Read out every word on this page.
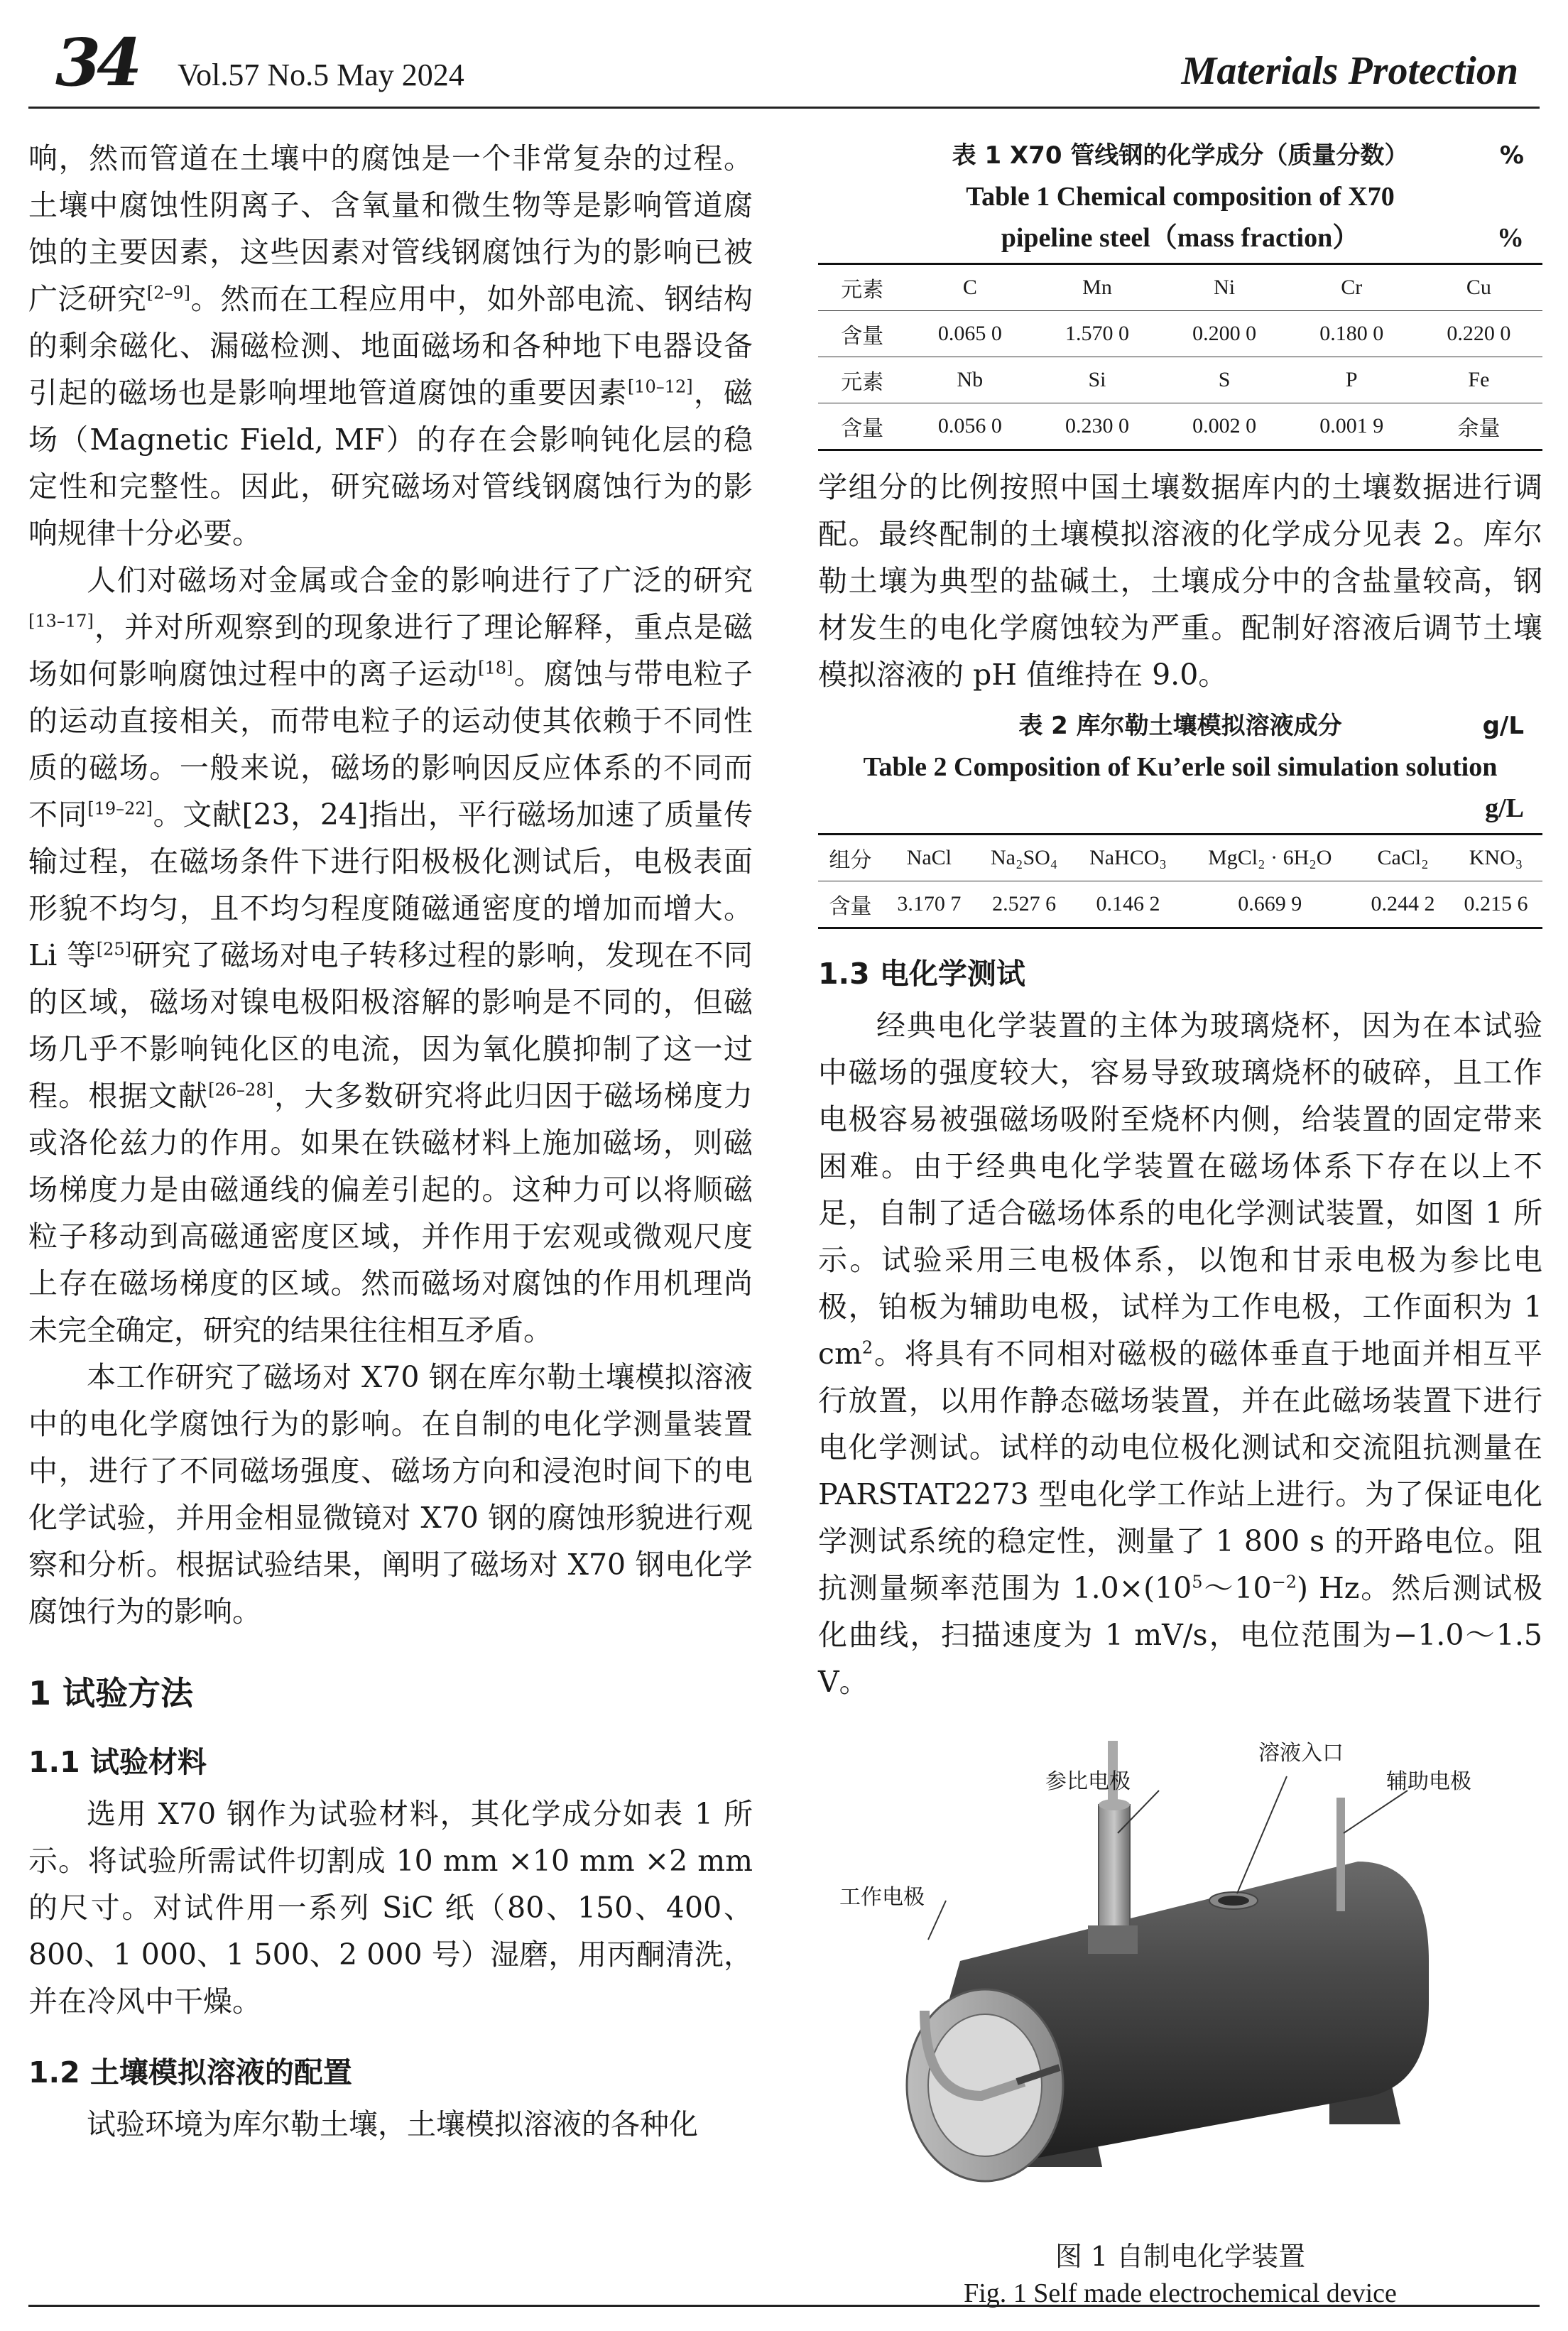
34 Vol.57 No.5 May 2024	Materials Protection

响，然而管道在土壤中的腐蚀是一个非常复杂的过程。土壤中腐蚀性阴离子、含氧量和微生物等是影响管道腐蚀的主要因素，这些因素对管线钢腐蚀行为的影响已被广泛研究[2–9]。然而在工程应用中，如外部电流、钢结构的剩余磁化、漏磁检测、地面磁场和各种地下电器设备引起的磁场也是影响埋地管道腐蚀的重要因素[10–12]，磁场（Magnetic Field, MF）的存在会影响钝化层的稳定性和完整性。因此，研究磁场对管线钢腐蚀行为的影响规律十分必要。

人们对磁场对金属或合金的影响进行了广泛的研究[13–17]，并对所观察到的现象进行了理论解释，重点是磁场如何影响腐蚀过程中的离子运动[18]。腐蚀与带电粒子的运动直接相关，而带电粒子的运动使其依赖于不同性质的磁场。一般来说，磁场的影响因反应体系的不同而不同[19–22]。文献[23，24]指出，平行磁场加速了质量传输过程，在磁场条件下进行阳极极化测试后，电极表面形貌不均匀，且不均匀程度随磁通密度的增加而增大。Li 等[25]研究了磁场对电子转移过程的影响，发现在不同的区域，磁场对镍电极阳极溶解的影响是不同的，但磁场几乎不影响钝化区的电流，因为氧化膜抑制了这一过程。根据文献[26–28]，大多数研究将此归因于磁场梯度力或洛伦兹力的作用。如果在铁磁材料上施加磁场，则磁场梯度力是由磁通线的偏差引起的。这种力可以将顺磁粒子移动到高磁通密度区域，并作用于宏观或微观尺度上存在磁场梯度的区域。然而磁场对腐蚀的作用机理尚未完全确定，研究的结果往往相互矛盾。

本工作研究了磁场对 X70 钢在库尔勒土壤模拟溶液中的电化学腐蚀行为的影响。在自制的电化学测量装置中，进行了不同磁场强度、磁场方向和浸泡时间下的电化学试验，并用金相显微镜对 X70 钢的腐蚀形貌进行观察和分析。根据试验结果，阐明了磁场对 X70 钢电化学腐蚀行为的影响。

1 试验方法
1.1 试验材料

选用 X70 钢作为试验材料，其化学成分如表 1 所示。将试验所需试件切割成 10 mm ×10 mm ×2 mm 的尺寸。对试件用一系列 SiC 纸（80、150、400、800、1 000、1 500、2 000 号）湿磨，用丙酮清洗，并在冷风中干燥。

1.2 土壤模拟溶液的配置

试验环境为库尔勒土壤，土壤模拟溶液的各种化

表 1 X70 管线钢的化学成分（质量分数）	%
Table 1 Chemical composition of X70
pipeline steel（mass fraction）	%
元素	C	Mn	Ni	Cr	Cu
含量	0.065 0	1.570 0	0.200 0	0.180 0	0.220 0
元素	Nb	Si	S	P	Fe
含量	0.056 0	0.230 0	0.002 0	0.001 9	余量

学组分的比例按照中国土壤数据库内的土壤数据进行调配。最终配制的土壤模拟溶液的化学成分见表 2。库尔勒土壤为典型的盐碱土，土壤成分中的含盐量较高，钢材发生的电化学腐蚀较为严重。配制好溶液后调节土壤模拟溶液的 pH 值维持在 9.0。

表 2 库尔勒土壤模拟溶液成分	g/L
Table 2 Composition of Ku’erle soil simulation solution
g/L
组分	NaCl	Na₂SO₄	NaHCO₃	MgCl₂ · 6H₂O	CaCl₂	KNO₃
含量	3.170 7	2.527 6	0.146 2	0.669 9	0.244 2	0.215 6
1.3 电化学测试

经典电化学装置的主体为玻璃烧杯，因为在本试验中磁场的强度较大，容易导致玻璃烧杯的破碎，且工作电极容易被强磁场吸附至烧杯内侧，给装置的固定带来困难。由于经典电化学装置在磁场体系下存在以上不足，自制了适合磁场体系的电化学测试装置，如图 1 所示。试验采用三电极体系，以饱和甘汞电极为参比电极，铂板为辅助电极，试样为工作电极，工作面积为 1 $cm^2$。将具有不同相对磁极的磁体垂直于地面并相互平行放置，以用作静态磁场装置，并在此磁场装置下进行电化学测试。试样的动电位极化测试和交流阻抗测量在 PARSTAT2273 型电化学工作站上进行。为了保证电化学测试系统的稳定性，测量了 1 800 s 的开路电位。阻抗测量频率范围为 $1.0\times(10^5\sim 10^{-2})$ Hz。然后测试极化曲线，扫描速度为 1 mV/s，电位范围为−1.0～1.5 V。

溶液入口
参比电极	辅助电极
工作电极
图 1 自制电化学装置
Fig. 1 Self made electrochemical device
